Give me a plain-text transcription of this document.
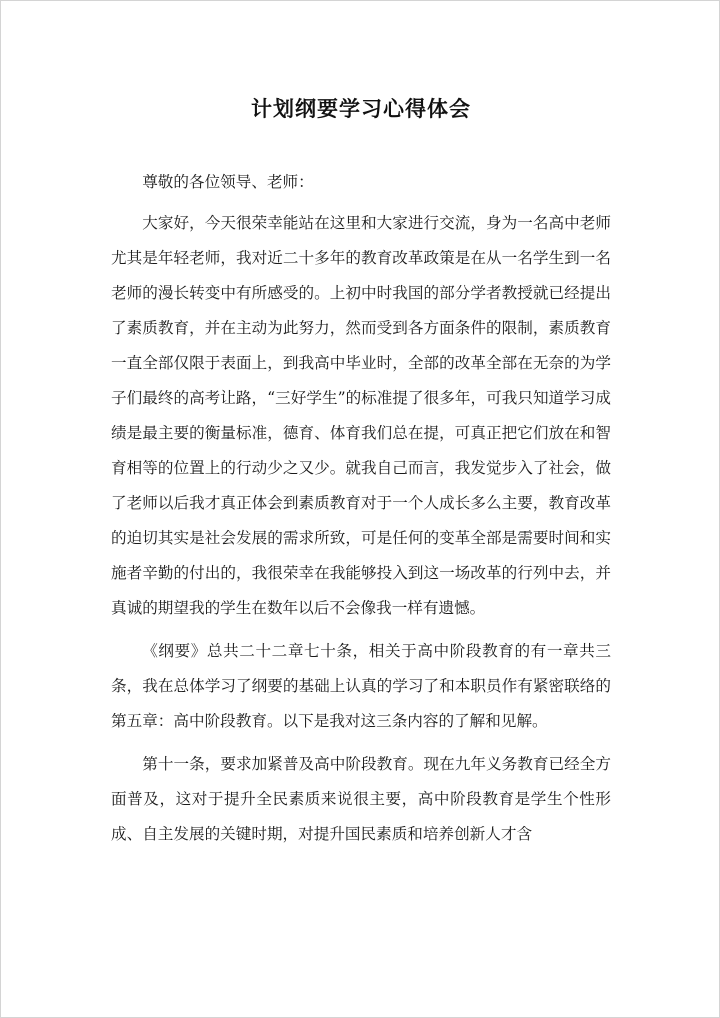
计划纲要学习心得体会

尊敬的各位领导、老师：

大家好，今天很荣幸能站在这里和大家进行交流，身为一名高中老师尤其是年轻老师，我对近二十多年的教育改革政策是在从一名学生到一名老师的漫长转变中有所感受的。上初中时我国的部分学者教授就已经提出了素质教育，并在主动为此努力，然而受到各方面条件的限制，素质教育一直全部仅限于表面上，到我高中毕业时，全部的改革全部在无奈的为学子们最终的高考让路，“三好学生”的标准提了很多年，可我只知道学习成绩是最主要的衡量标准，德育、体育我们总在提，可真正把它们放在和智育相等的位置上的行动少之又少。就我自己而言，我发觉步入了社会，做了老师以后我才真正体会到素质教育对于一个人成长多么主要，教育改革的迫切其实是社会发展的需求所致，可是任何的变革全部是需要时间和实施者辛勤的付出的，我很荣幸在我能够投入到这一场改革的行列中去，并真诚的期望我的学生在数年以后不会像我一样有遗憾。

《纲要》总共二十二章七十条，相关于高中阶段教育的有一章共三条，我在总体学习了纲要的基础上认真的学习了和本职员作有紧密联络的第五章：高中阶段教育。以下是我对这三条内容的了解和见解。

第十一条，要求加紧普及高中阶段教育。现在九年义务教育已经全方面普及，这对于提升全民素质来说很主要，高中阶段教育是学生个性形成、自主发展的关键时期，对提升国民素质和培养创新人才含
